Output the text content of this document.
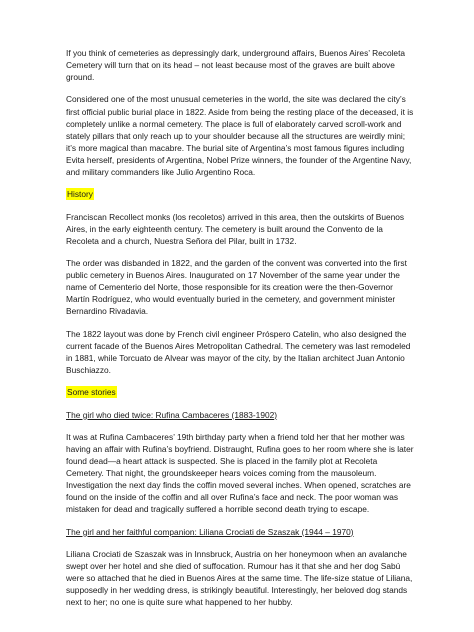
If you think of cemeteries as depressingly dark, underground affairs, Buenos Aires’ Recoleta Cemetery will turn that on its head – not least because most of the graves are built above ground.

Considered one of the most unusual cemeteries in the world, the site was declared the city’s first official public burial place in 1822. Aside from being the resting place of the deceased, it is completely unlike a normal cemetery. The place is full of elaborately carved scroll-work and stately pillars that only reach up to your shoulder because all the structures are weirdly mini; it’s more magical than macabre. The burial site of Argentina’s most famous figures including Evita herself, presidents of Argentina, Nobel Prize winners, the founder of the Argentine Navy, and military commanders like Julio Argentino Roca.

History

Franciscan Recollect monks (los recoletos) arrived in this area, then the outskirts of Buenos Aires, in the early eighteenth century. The cemetery is built around the Convento de la Recoleta and a church, Nuestra Señora del Pilar, built in 1732.

The order was disbanded in 1822, and the garden of the convent was converted into the first public cemetery in Buenos Aires. Inaugurated on 17 November of the same year under the name of Cementerio del Norte, those responsible for its creation were the then-Governor Martín Rodríguez, who would eventually buried in the cemetery, and government minister Bernardino Rivadavia.

The 1822 layout was done by French civil engineer Próspero Catelin, who also designed the current facade of the Buenos Aires Metropolitan Cathedral. The cemetery was last remodeled in 1881, while Torcuato de Alvear was mayor of the city, by the Italian architect Juan Antonio Buschiazzo.

Some stories
The girl who died twice: Rufina Cambaceres (1883-1902)

It was at Rufina Cambaceres’ 19th birthday party when a friend told her that her mother was having an affair with Rufina’s boyfriend. Distraught, Rufina goes to her room where she is later found dead—a heart attack is suspected. She is placed in the family plot at Recoleta Cemetery. That night, the groundskeeper hears voices coming from the mausoleum. Investigation the next day finds the coffin moved several inches. When opened, scratches are found on the inside of the coffin and all over Rufina’s face and neck. The poor woman was mistaken for dead and tragically suffered a horrible second death trying to escape.

The girl and her faithful companion: Liliana Crociati de Szaszak (1944 – 1970)

Liliana Crociati de Szaszak was in Innsbruck, Austria on her honeymoon when an avalanche swept over her hotel and she died of suffocation. Rumour has it that she and her dog Sabú were so attached that he died in Buenos Aires at the same time. The life-size statue of Liliana, supposedly in her wedding dress, is strikingly beautiful. Interestingly, her beloved dog stands next to her; no one is quite sure what happened to her hubby.
